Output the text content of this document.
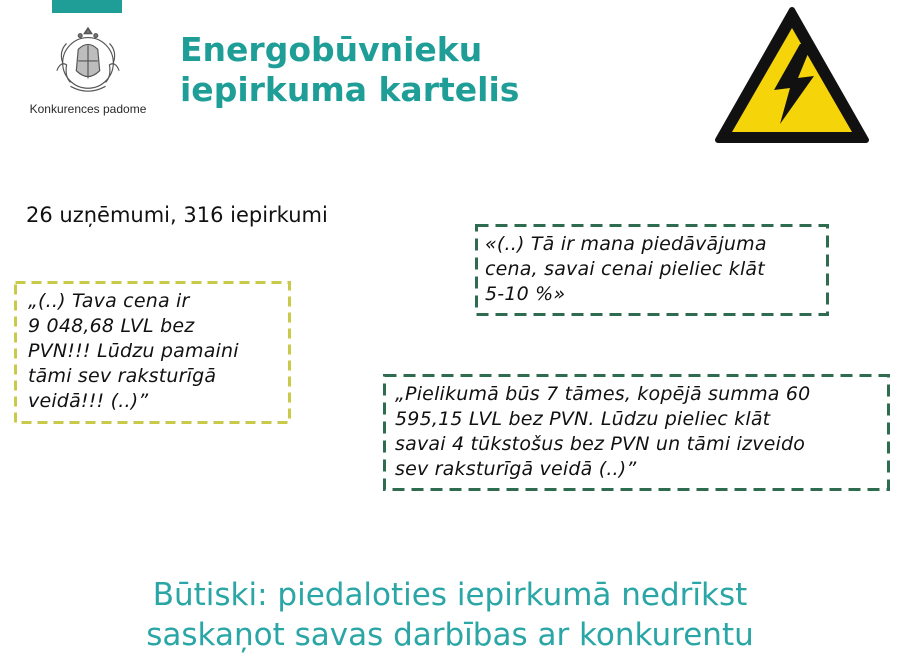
Konkurences padome
Energobūvnieku
iepirkuma kartelis
26 uzņēmumi, 316 iepirkumi
„(..) Tava cena ir
9 048,68 LVL bez
PVN!!! Lūdzu pamaini
tāmi sev raksturīgā
veidā!!! (..)”
«(..) Tā ir mana piedāvājuma
cena, savai cenai pieliec klāt
5-10 %»
„Pielikumā būs 7 tāmes, kopējā summa 60
595,15 LVL bez PVN. Lūdzu pieliec klāt
savai 4 tūkstošus bez PVN un tāmi izveido
sev raksturīgā veidā (..)”
Būtiski: piedaloties iepirkumā nedrīkst
saskaņot savas darbības ar konkurentu
